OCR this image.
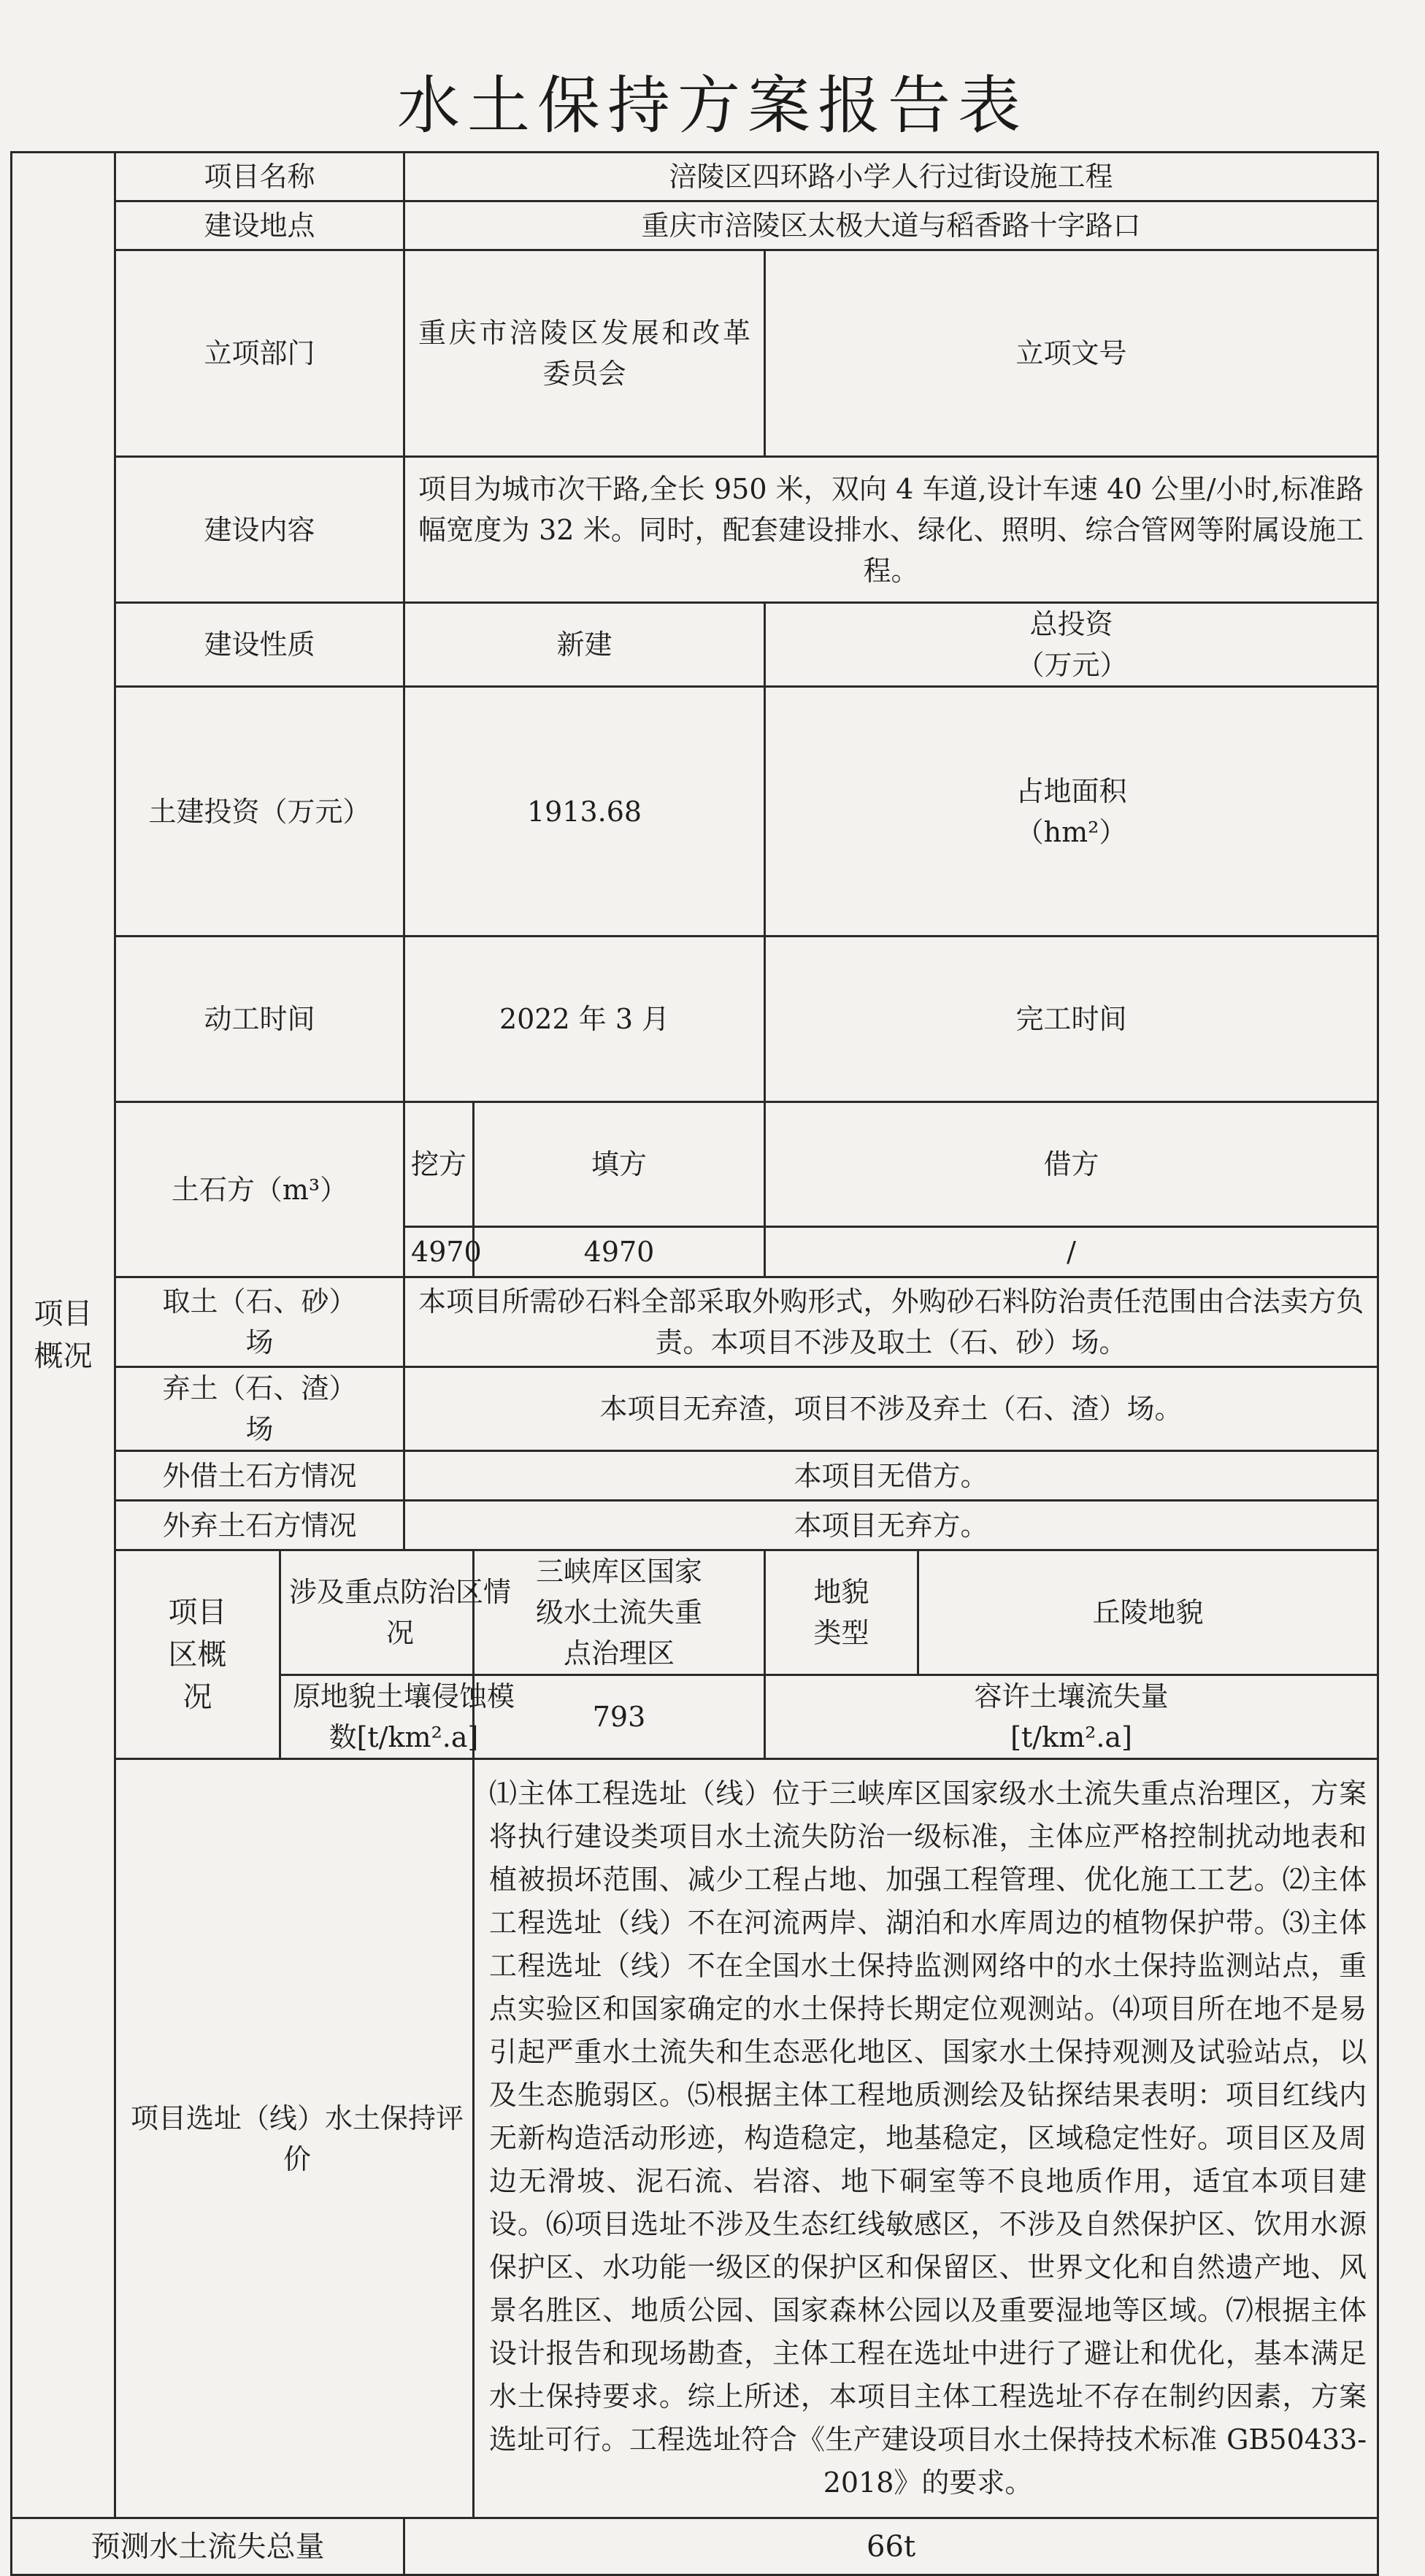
水土保持方案报告表
项目概况	项目名称		涪陵区四环路小学人行过街设施工程				
	建设地点		重庆市涪陵区太极大道与稻香路十字路口				
	立项部门		重庆市涪陵区发展和改革委员会		立项文号	
	建设内容		项目为城市次干路,全长 950 米，双向 4 车道,设计车速 40 公里/小时,标准路幅宽度为 32 米。同时，配套建设排水、绿化、照明、综合管网等附属设施工程。				
	建设性质		新建		总投资（万元）	
	土建投资（万元）		1913.68		占地面积（hm²）	

	动工时间		2022 年 3 月		完工时间	
	土石方（m³）		挖方	填方	借方	
			4970	4970	/	
	取土（石、砂）场		本项目所需砂石料全部采取外购形式，外购砂石料防治责任范围由合法卖方负责。本项目不涉及取土（石、砂）场。				
	弃土（石、渣）场		本项目无弃渣，项目不涉及弃土（石、渣）场。				
	外借土石方情况		本项目无借方。				
	外弃土石方情况		本项目无弃方。				
	项目区概况	涉及重点防治区情况		三峡库区国家级水土流失重点治理区	地貌类型	丘陵地貌	
		原地貌土壤侵蚀模数[t/km².a]		793	容许土壤流失量[t/km².a]	
	项目选址（线）水土保持评价			⑴主体工程选址（线）位于三峡库区国家级水土流失重点治理区，方案将执行建设类项目水土流失防治一级标准，主体应严格控制扰动地表和植被损坏范围、减少工程占地、加强工程管理、优化施工工艺。⑵主体工程选址（线）不在河流两岸、湖泊和水库周边的植物保护带。⑶主体工程选址（线）不在全国水土保持监测网络中的水土保持监测站点，重点实验区和国家确定的水土保持长期定位观测站。⑷项目所在地不是易引起严重水土流失和生态恶化地区、国家水土保持观测及试验站点，以及生态脆弱区。⑸根据主体工程地质测绘及钻探结果表明：项目红线内无新构造活动形迹，构造稳定，地基稳定，区域稳定性好。项目区及周边无滑坡、泥石流、岩溶、地下硐室等不良地质作用，适宜本项目建设。⑹项目选址不涉及生态红线敏感区，不涉及自然保护区、饮用水源保护区、水功能一级区的保护区和保留区、世界文化和自然遗产地、风景名胜区、地质公园、国家森林公园以及重要湿地等区域。⑺根据主体设计报告和现场勘查，主体工程在选址中进行了避让和优化，基本满足水土保持要求。综上所述，本项目主体工程选址不存在制约因素，方案选址可行。工程选址符合《生产建设项目水土保持技术标准 GB50433-2018》的要求。			

预测水土流失总量			66t				
